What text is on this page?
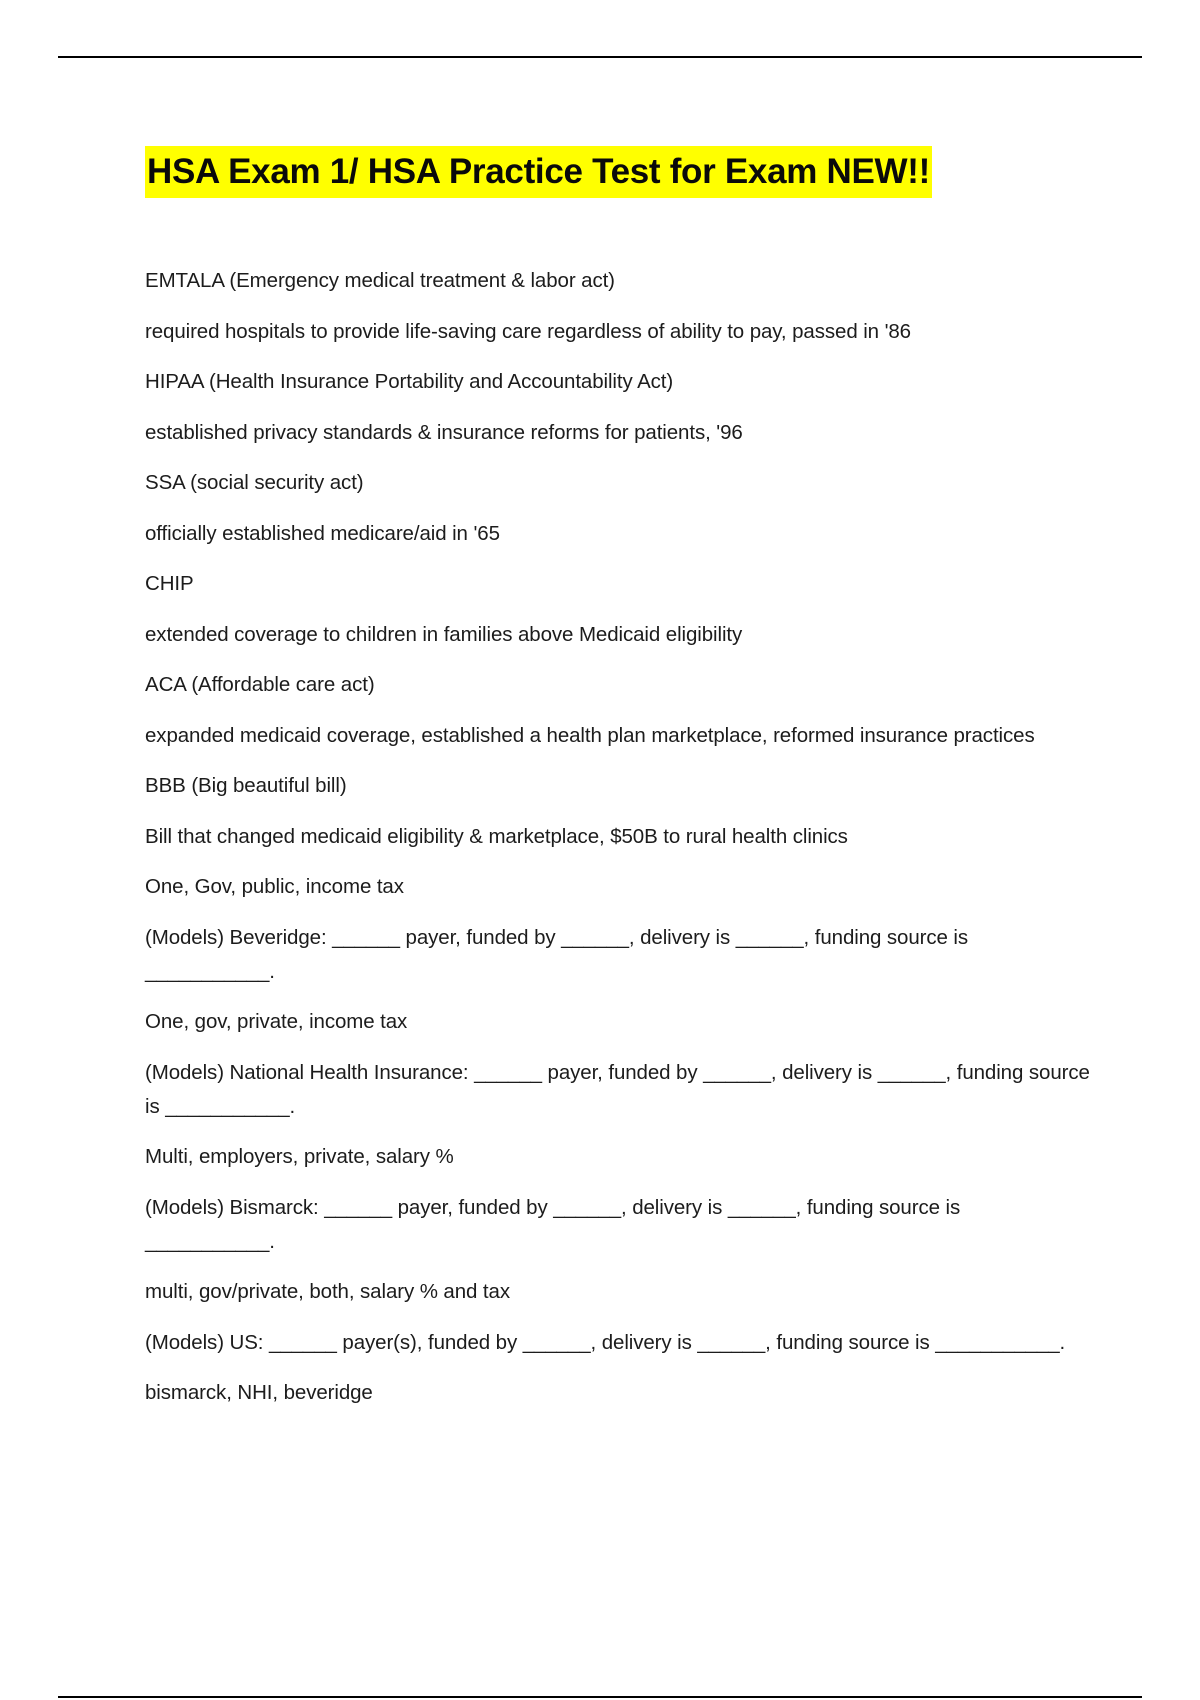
HSA Exam 1/ HSA Practice Test for Exam NEW!!

EMTALA (Emergency medical treatment & labor act)

required hospitals to provide life-saving care regardless of ability to pay, passed in '86

HIPAA (Health Insurance Portability and Accountability Act)

established privacy standards & insurance reforms for patients, '96

SSA (social security act)

officially established medicare/aid in '65

CHIP

extended coverage to children in families above Medicaid eligibility

ACA (Affordable care act)

expanded medicaid coverage, established a health plan marketplace, reformed insurance practices

BBB (Big beautiful bill)

Bill that changed medicaid eligibility & marketplace, $50B to rural health clinics

One, Gov, public, income tax

(Models) Beveridge: ______ payer, funded by ______, delivery is ______, funding source is ___________.

One, gov, private, income tax

(Models) National Health Insurance: ______ payer, funded by ______, delivery is ______, funding source is ___________.

Multi, employers, private, salary %

(Models) Bismarck: ______ payer, funded by ______, delivery is ______, funding source is ___________.

multi, gov/private, both, salary % and tax

(Models) US: ______ payer(s), funded by ______, delivery is ______, funding source is ___________.

bismarck, NHI, beveridge
